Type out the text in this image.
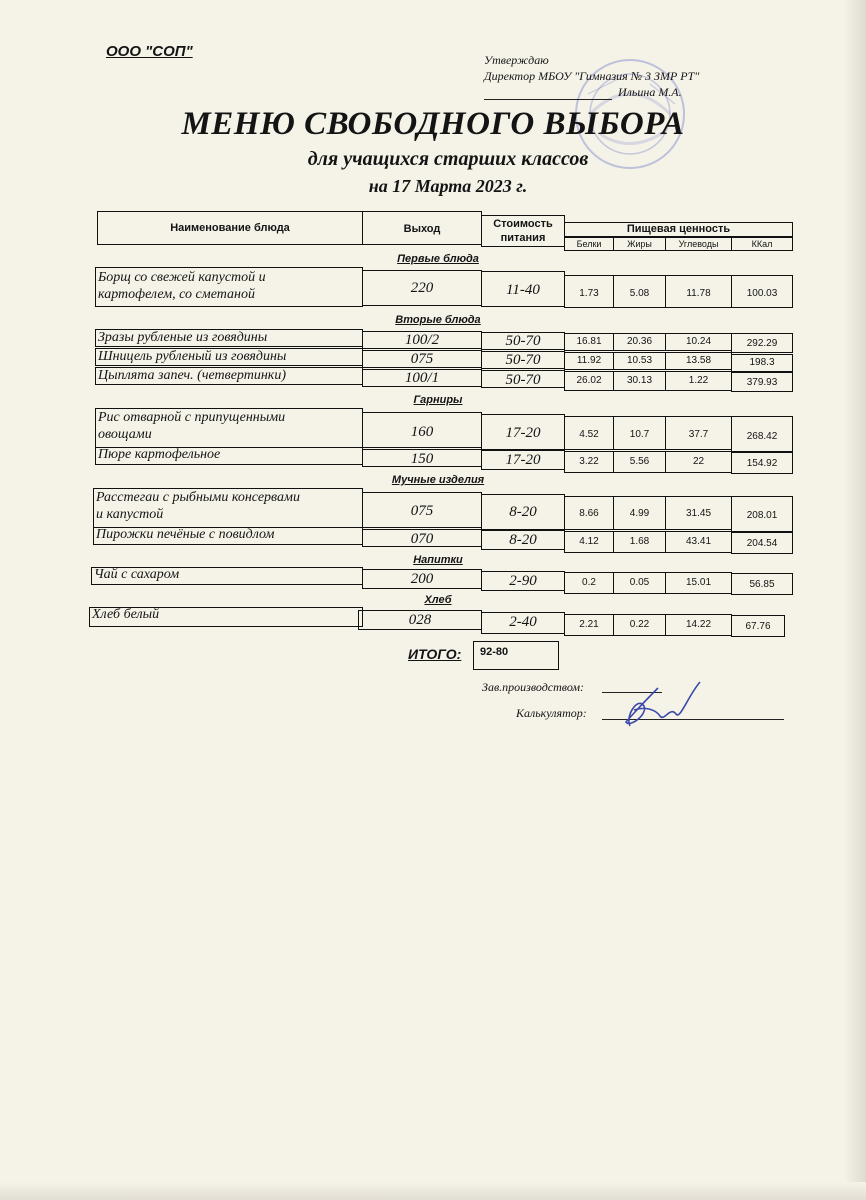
ООО "СОП"	Утверждаю
Директор МБОУ "Гимназия № 3 ЗМР РТ"
Ильина М.А.
МЕНЮ СВОБОДНОГО ВЫБОРА
для учащихся старших классов
на 17 Марта 2023 г.
Наименование блюда	Выход	Стоимость
питания
Пищевая ценность
Белки	Жиры	Углеводы	ККал
Первые блюда
Борщ со свежей капустой и
картофелем, со сметаной	220	11-40	1.73	5.08	11.78	100.03
Вторые блюда
Зразы рубленые из говядины	100/2	50-70	16.81	20.36	10.24	292.29
Шницель рубленый из говядины	075	50-70	11.92	10.53	13.58	198.3
Цыплята запеч. (четвертинки)	100/1	50-70	26.02	30.13	1.22	379.93
Гарниры
Рис отварной с припущенными
овощами	160	17-20	4.52	10.7	37.7	268.42
Пюре картофельное	150	17-20	3.22	5.56	22	154.92
Мучные изделия
Расстегаи с рыбными консервами
и капустой	075	8-20	8.66	4.99	31.45	208.01
Пирожки печёные с повидлом	070	8-20	4.12	1.68	43.41	204.54
Напитки
Чай с сахаром	200	2-90	0.2	0.05	15.01	56.85
Хлеб
Хлеб белый	028	2-40	2.21	0.22	14.22	67.76
ИТОГО: 92-80
Зав.производством:
Калькулятор:
